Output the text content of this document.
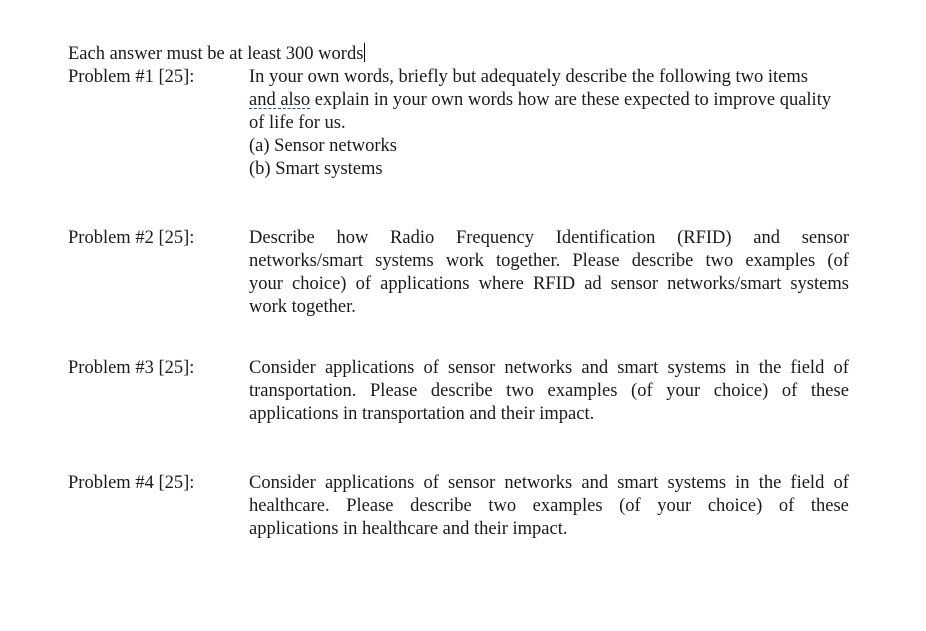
Each answer must be at least 300 words
Problem #1 [25]:	In your own words, briefly but adequately describe the following two items
and also explain in your own words how are these expected to improve quality
of life for us.
(a) Sensor networks
(b) Smart systems
Problem #2 [25]:	Describe how Radio Frequency Identification (RFID) and sensor
networks/smart systems work together. Please describe two examples (of
your choice) of applications where RFID ad sensor networks/smart systems
work together.
Problem #3 [25]:	Consider applications of sensor networks and smart systems in the field of
transportation. Please describe two examples (of your choice) of these
applications in transportation and their impact.
Problem #4 [25]:	Consider applications of sensor networks and smart systems in the field of
healthcare. Please describe two examples (of your choice) of these
applications in healthcare and their impact.
